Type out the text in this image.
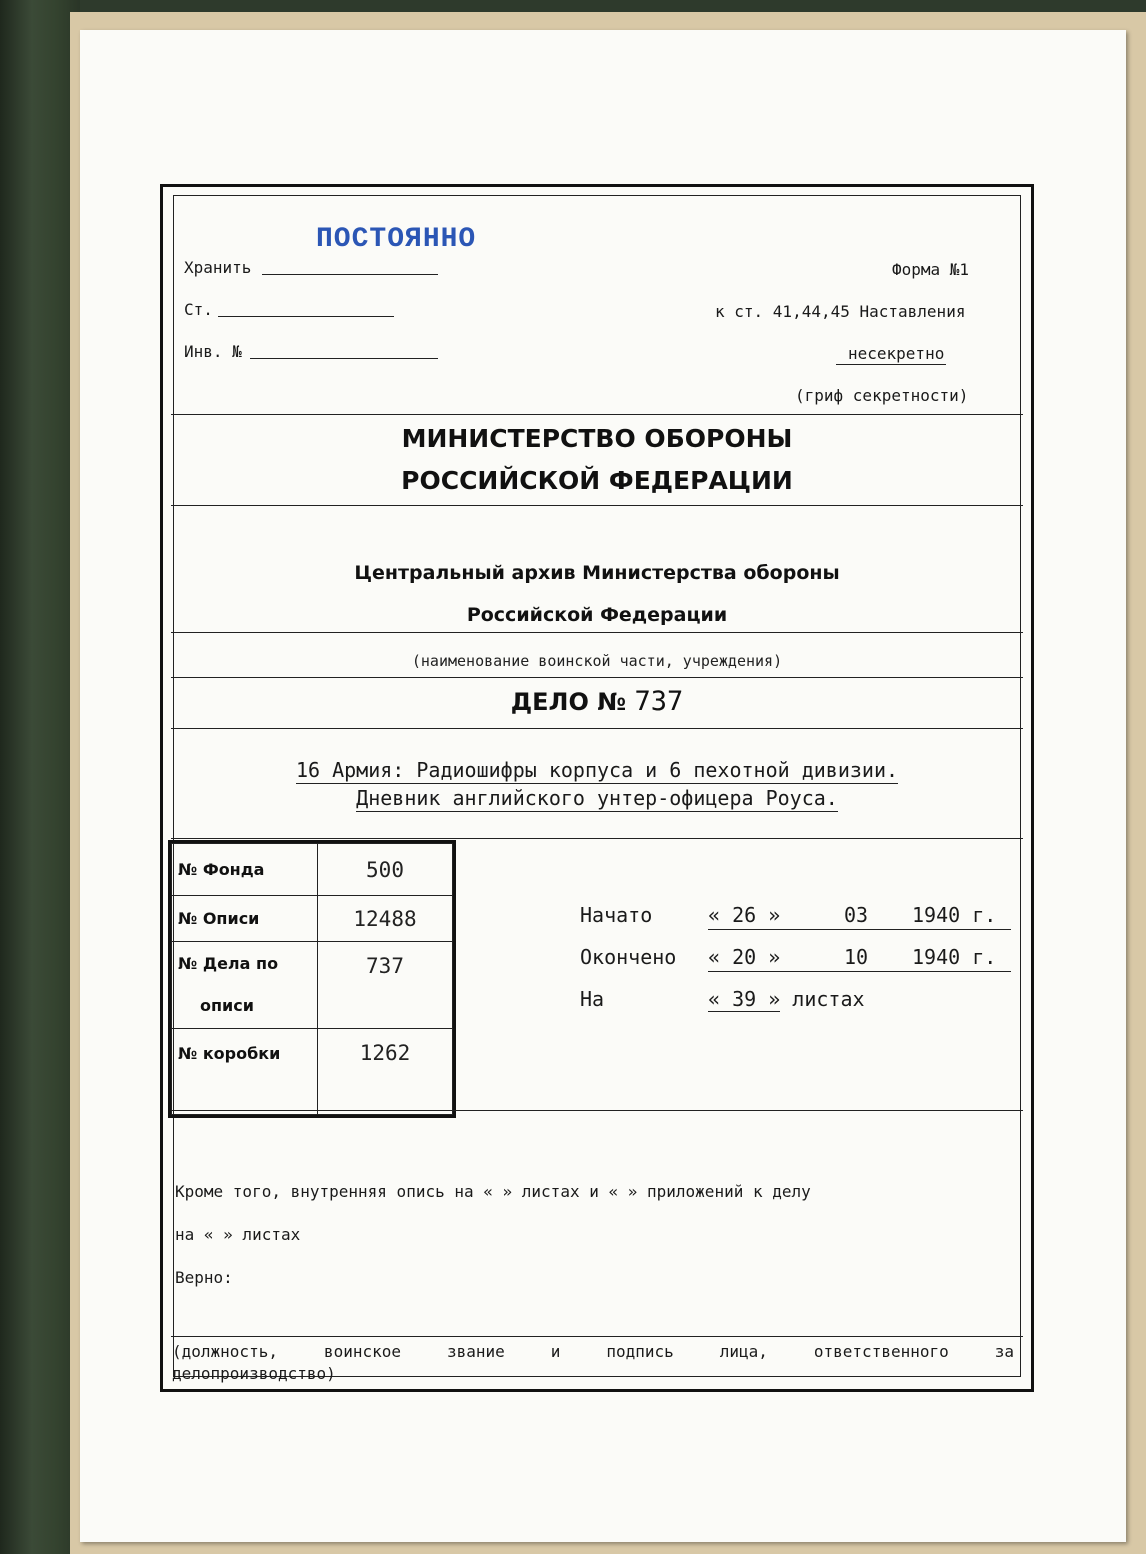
ПОСТОЯННО
Хранить	Форма №1
Ст.	к ст. 41,44,45 Наставления
Инв. №	несекретно
(гриф секретности)
МИНИСТЕРСТВО ОБОРОНЫ
РОССИЙСКОЙ ФЕДЕРАЦИИ
Центральный архив Министерства обороны
Российской Федерации
(наименование воинской части, учреждения)
ДЕЛО № 737
16 Армия: Радиошифры корпуса и 6 пехотной дивизии.
Дневник английского унтер-офицера Роуса.
№ Фонда	500
№ Описи	12488

№ Дела по
описи	737
№ коробки	1262
Начато	« 26 »	03 1940 г.
Окончено « 20 »	10 1940 г.
На	« 39 » листах
Кроме того, внутренняя опись на « » листах и « » приложений к делу
на « » листах
Верно:
(должность, воинское звание и подпись лица, ответственного за
делопроизводство)
